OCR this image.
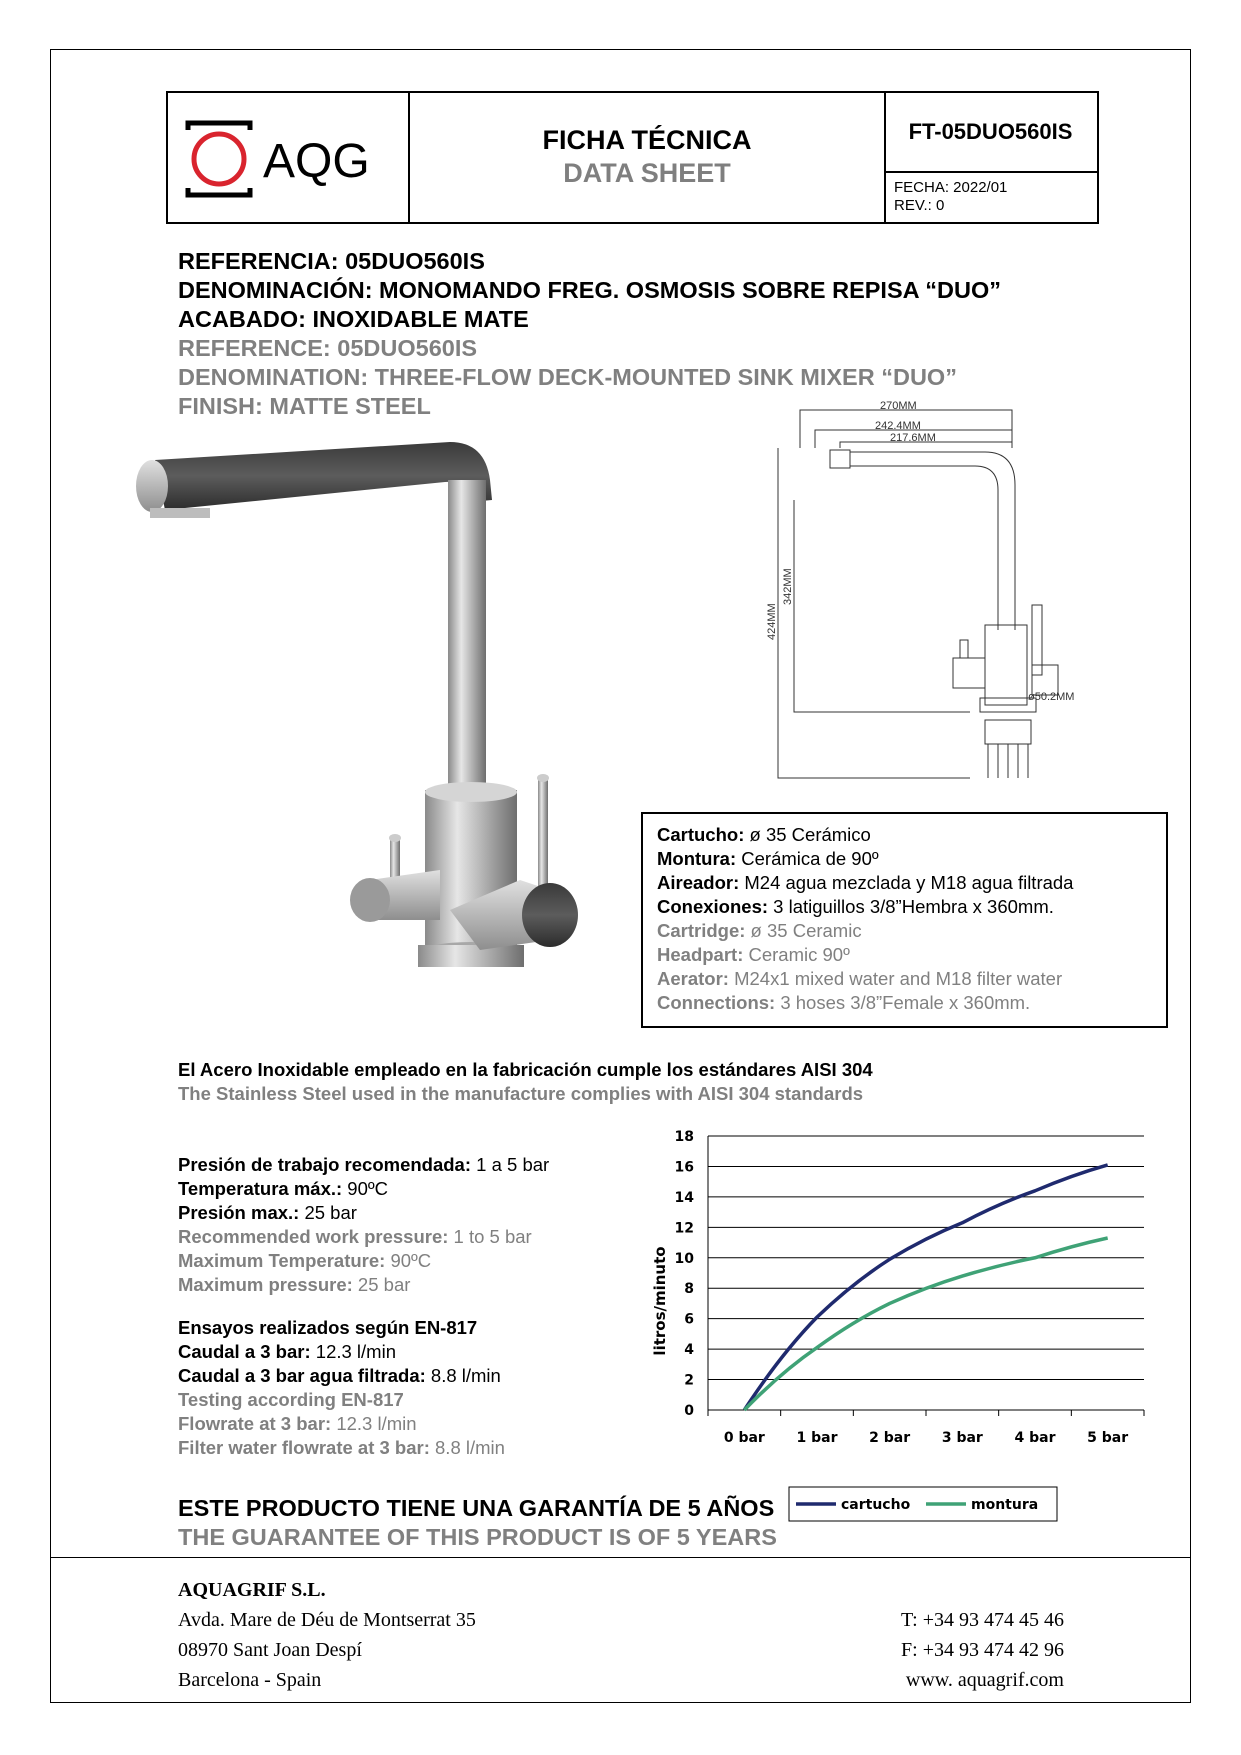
AQG	FICHA TÉCNICA
DATA SHEET
FT-05DUO560IS
FECHA: 2022/01
REV.: 0
REFERENCIA: 05DUO560IS
DENOMINACIÓN: MONOMANDO FREG. OSMOSIS SOBRE REPISA “DUO”
ACABADO: INOXIDABLE MATE
REFERENCE: 05DUO560IS
DENOMINATION: THREE-FLOW DECK-MOUNTED SINK MIXER “DUO”
FINISH: MATTE STEEL	270MM
242.4MM
217.6MM
424MM
342MM
ø50.2MM
Cartucho: ø 35 Cerámico
Montura: Cerámica de 90º
Aireador: M24 agua mezclada y M18 agua filtrada
Conexiones: 3 latiguillos 3/8”Hembra x 360mm.
Cartridge: ø 35 Ceramic
Headpart: Ceramic 90º
Aerator: M24x1 mixed water and M18 filter water
Connections: 3 hoses 3/8”Female x 360mm.
El Acero Inoxidable empleado en la fabricación cumple los estándares AISI 304
The Stainless Steel used in the manufacture complies with AISI 304 standards
Presión de trabajo recomendada: 1 a 5 bar
Temperatura máx.: 90ºC
Presión max.: 25 bar
Recommended work pressure: 1 to 5 bar
Maximum Temperature: 90ºC
Maximum pressure: 25 bar
Ensayos realizados según EN-817
Caudal a 3 bar: 12.3 l/min
Caudal a 3 bar agua filtrada: 8.8 l/min
Testing according EN-817
Flowrate at 3 bar: 12.3 l/min
Filter water flowrate at 3 bar: 8.8 l/min
0
2
4
6
8
10
12
14
16
18
0 bar 1 bar 2 bar 3 bar 4 bar 5 bar
litros/minuto
cartucho	montura
ESTE PRODUCTO TIENE UNA GARANTÍA DE 5 AÑOS
THE GUARANTEE OF THIS PRODUCT IS OF 5 YEARS
AQUAGRIF S.L.
Avda. Mare de Déu de Montserrat 35
08970 Sant Joan Despí
Barcelona - Spain
T: +34 93 474 45 46
F: +34 93 474 42 96
www. aquagrif.com
